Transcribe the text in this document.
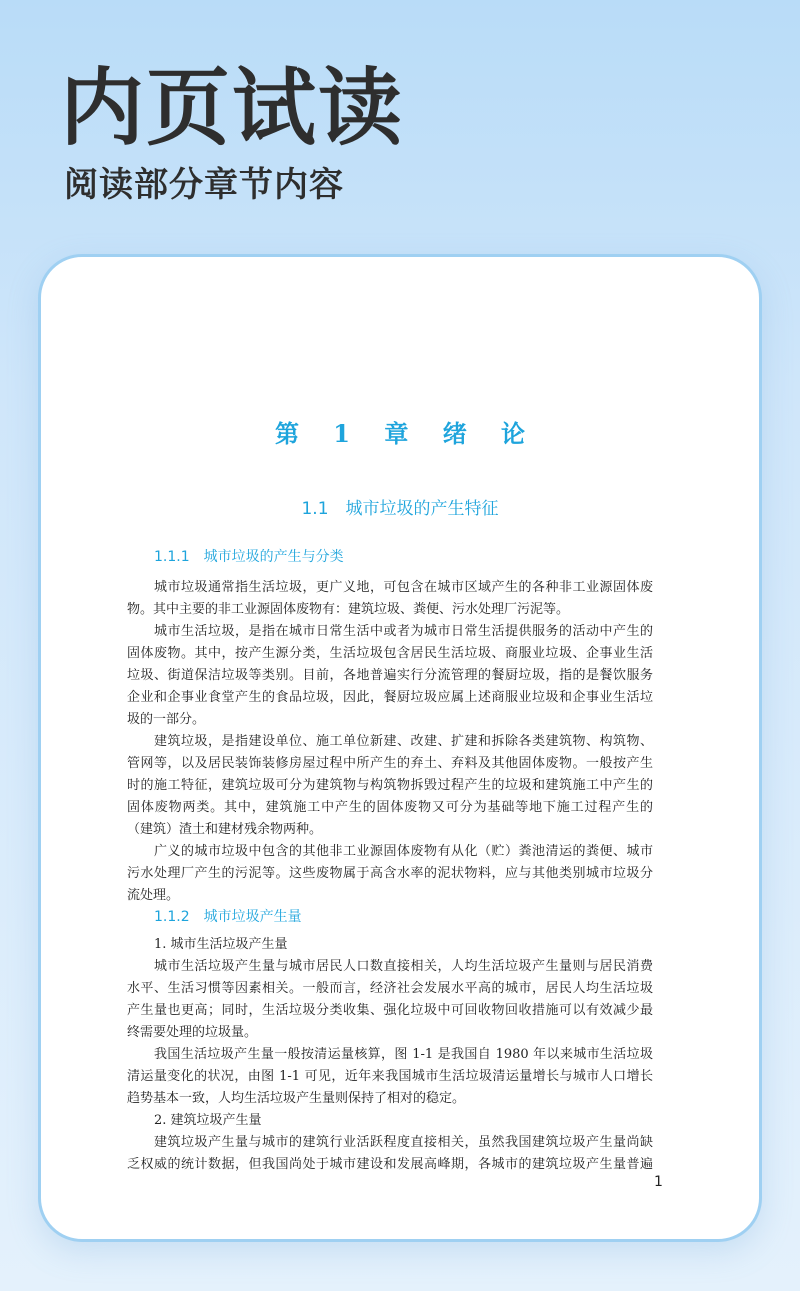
内页试读
阅读部分章节内容
第 1 章 绪 论
1.1　城市垃圾的产生特征
1.1.1　城市垃圾的产生与分类
城市垃圾通常指生活垃圾，更广义地，可包含在城市区域产生的各种非工业源固体废
物。其中主要的非工业源固体废物有：建筑垃圾、粪便、污水处理厂污泥等。
城市生活垃圾，是指在城市日常生活中或者为城市日常生活提供服务的活动中产生的
固体废物。其中，按产生源分类，生活垃圾包含居民生活垃圾、商服业垃圾、企事业生活
垃圾、街道保洁垃圾等类别。目前，各地普遍实行分流管理的餐厨垃圾，指的是餐饮服务
企业和企事业食堂产生的食品垃圾，因此，餐厨垃圾应属上述商服业垃圾和企事业生活垃
圾的一部分。
建筑垃圾，是指建设单位、施工单位新建、改建、扩建和拆除各类建筑物、构筑物、
管网等，以及居民装饰装修房屋过程中所产生的弃土、弃料及其他固体废物。一般按产生
时的施工特征，建筑垃圾可分为建筑物与构筑物拆毁过程产生的垃圾和建筑施工中产生的
固体废物两类。其中，建筑施工中产生的固体废物又可分为基础等地下施工过程产生的
（建筑）渣土和建材残余物两种。
广义的城市垃圾中包含的其他非工业源固体废物有从化（贮）粪池清运的粪便、城市
污水处理厂产生的污泥等。这些废物属于高含水率的泥状物料，应与其他类别城市垃圾分
流处理。
1.1.2　城市垃圾产生量
1. 城市生活垃圾产生量
城市生活垃圾产生量与城市居民人口数直接相关，人均生活垃圾产生量则与居民消费
水平、生活习惯等因素相关。一般而言，经济社会发展水平高的城市，居民人均生活垃圾
产生量也更高；同时，生活垃圾分类收集、强化垃圾中可回收物回收措施可以有效减少最
终需要处理的垃圾量。
我国生活垃圾产生量一般按清运量核算，图 1-1 是我国自 1980 年以来城市生活垃圾
清运量变化的状况，由图 1-1 可见，近年来我国城市生活垃圾清运量增长与城市人口增长
趋势基本一致，人均生活垃圾产生量则保持了相对的稳定。
2. 建筑垃圾产生量
建筑垃圾产生量与城市的建筑行业活跃程度直接相关，虽然我国建筑垃圾产生量尚缺
乏权威的统计数据，但我国尚处于城市建设和发展高峰期，各城市的建筑垃圾产生量普遍
1
